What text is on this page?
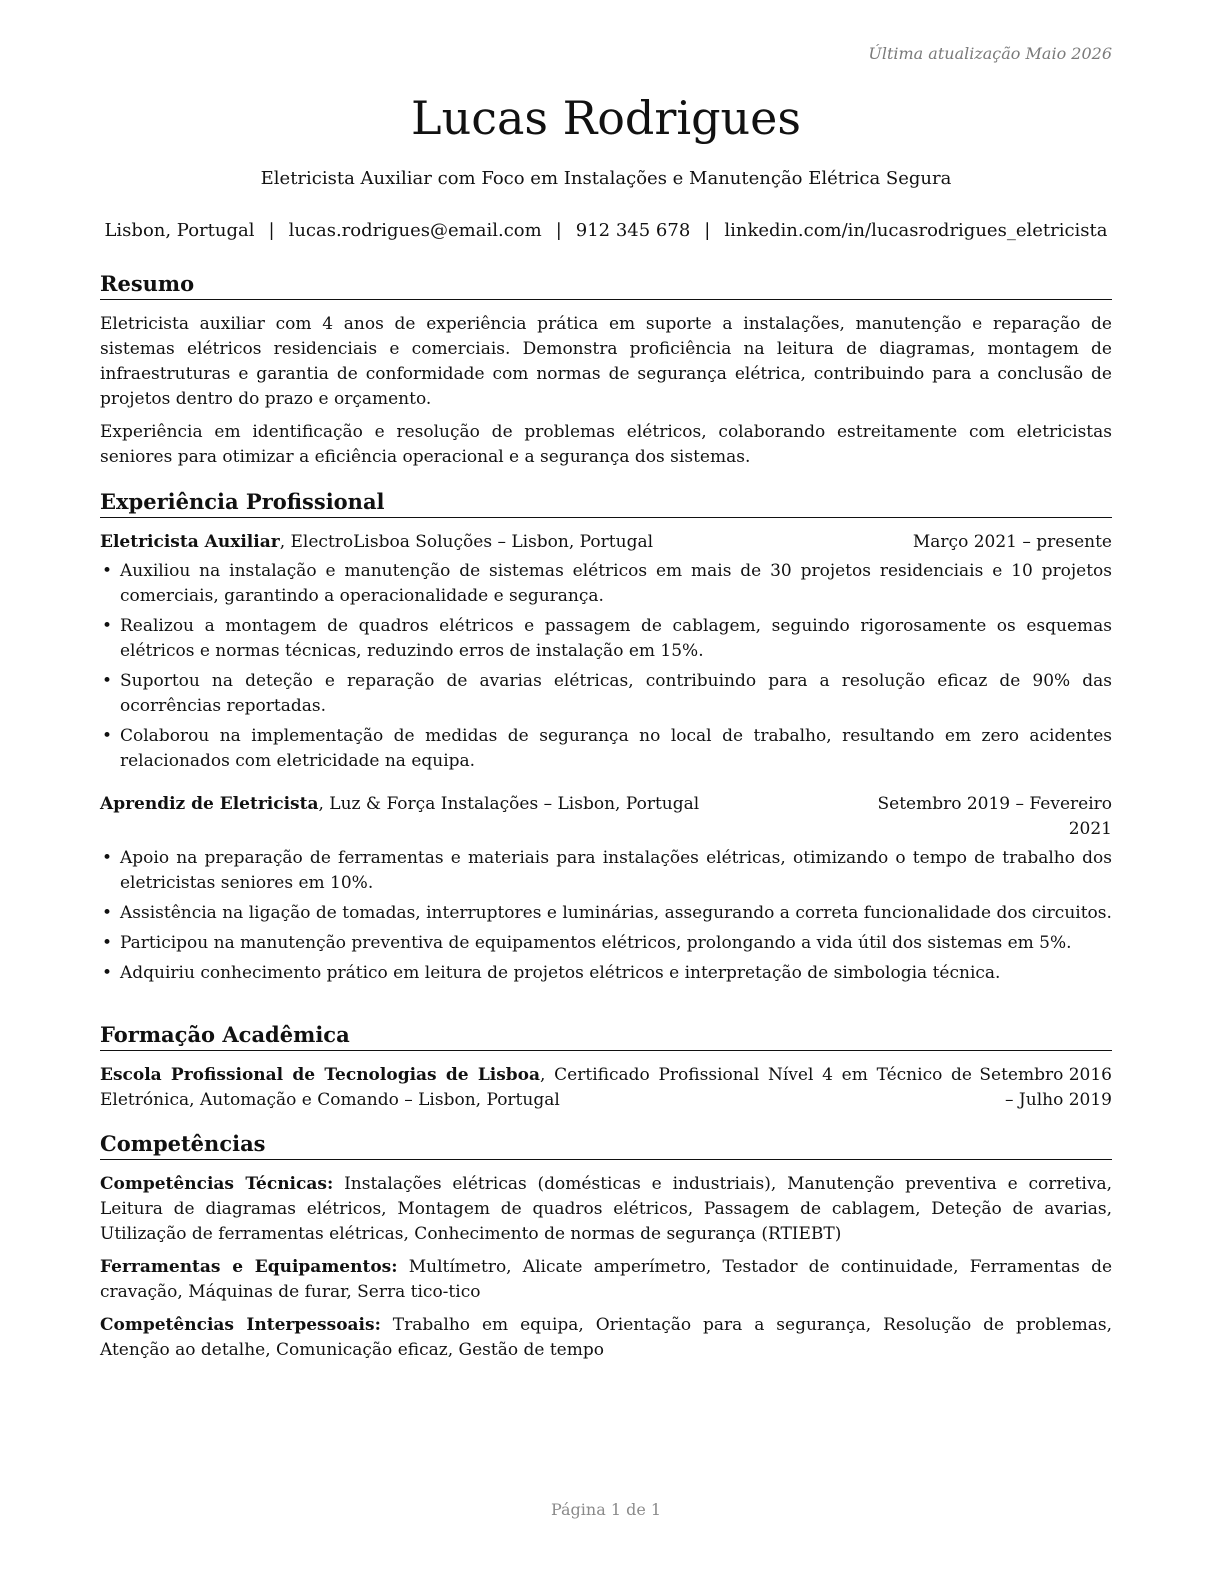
Última atualização Maio 2026
Lucas Rodrigues
Eletricista Auxiliar com Foco em Instalações e Manutenção Elétrica Segura
Lisbon, Portugal | lucas.rodrigues@email.com | 912 345 678 | linkedin.com/in/lucasrodrigues_eletricista
Resumo

Eletricista auxiliar com 4 anos de experiência prática em suporte a instalações, manutenção e reparação de sistemas elétricos residenciais e comerciais. Demonstra proficiência na leitura de diagramas, montagem de infraestruturas e garantia de conformidade com normas de segurança elétrica, contribuindo para a conclusão de projetos dentro do prazo e orçamento.

Experiência em identificação e resolução de problemas elétricos, colaborando estreitamente com eletricistas seniores para otimizar a eficiência operacional e a segurança dos sistemas.

Experiência Profissional
Eletricista Auxiliar, ElectroLisboa Soluções – Lisbon, Portugal	Março 2021 – presente
• Auxiliou na instalação e manutenção de sistemas elétricos em mais de 30 projetos residenciais e 10 projetos comerciais, garantindo a operacionalidade e segurança.
• Realizou a montagem de quadros elétricos e passagem de cablagem, seguindo rigorosamente os esquemas elétricos e normas técnicas, reduzindo erros de instalação em 15%.
• Suportou na deteção e reparação de avarias elétricas, contribuindo para a resolução eficaz de 90% das ocorrências reportadas.
• Colaborou na implementação de medidas de segurança no local de trabalho, resultando em zero acidentes relacionados com eletricidade na equipa.
Aprendiz de Eletricista, Luz & Força Instalações – Lisbon, Portugal	Setembro 2019 – Fevereiro 2021
• Apoio na preparação de ferramentas e materiais para instalações elétricas, otimizando o tempo de trabalho dos eletricistas seniores em 10%.
• Assistência na ligação de tomadas, interruptores e luminárias, assegurando a correta funcionalidade dos circuitos.
• Participou na manutenção preventiva de equipamentos elétricos, prolongando a vida útil dos sistemas em 5%.
• Adquiriu conhecimento prático em leitura de projetos elétricos e interpretação de simbologia técnica.
Formação Acadêmica
Escola Profissional de Tecnologias de Lisboa, Certificado Profissional Nível 4 em Técnico de Eletrónica, Automação e Comando – Lisbon, Portugal
Setembro 2016 – Julho 2019
Competências

Competências Técnicas: Instalações elétricas (domésticas e industriais), Manutenção preventiva e corretiva, Leitura de diagramas elétricos, Montagem de quadros elétricos, Passagem de cablagem, Deteção de avarias, Utilização de ferramentas elétricas, Conhecimento de normas de segurança (RTIEBT)

Ferramentas e Equipamentos: Multímetro, Alicate amperímetro, Testador de continuidade, Ferramentas de cravação, Máquinas de furar, Serra tico-tico

Competências Interpessoais: Trabalho em equipa, Orientação para a segurança, Resolução de problemas, Atenção ao detalhe, Comunicação eficaz, Gestão de tempo

Página 1 de 1
